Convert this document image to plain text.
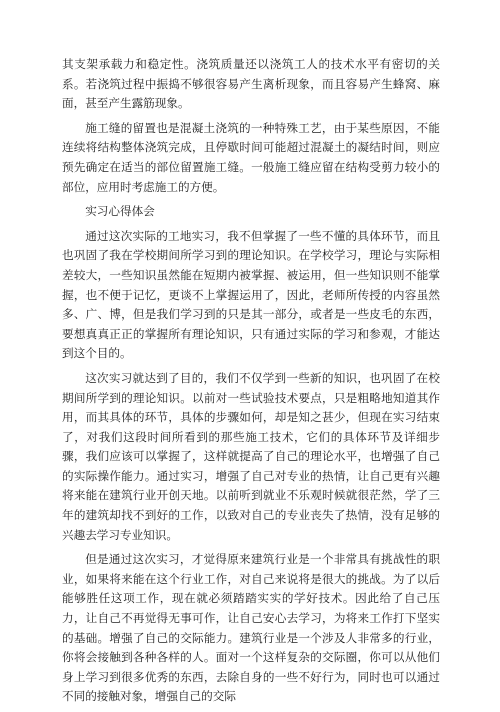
其支架承载力和稳定性。浇筑质量还以浇筑工人的技术水平有密切的关系。若浇筑过程中振捣不够很容易产生离析现象，而且容易产生蜂窝、麻面，甚至产生露筋现象。

施工缝的留置也是混凝土浇筑的一种特殊工艺，由于某些原因，不能连续将结构整体浇筑完成，且停歇时间可能超过混凝土的凝结时间，则应预先确定在适当的部位留置施工缝。一般施工缝应留在结构受剪力较小的部位，应用时考虑施工的方便。

实习心得体会

通过这次实际的工地实习，我不但掌握了一些不懂的具体环节，而且也巩固了我在学校期间所学习到的理论知识。在学校学习，理论与实际相差较大，一些知识虽然能在短期内被掌握、被运用，但一些知识则不能掌握，也不便于记忆，更谈不上掌握运用了，因此，老师所传授的内容虽然多、广、博，但是我们学习到的只是其一部分，或者是一些皮毛的东西，要想真真正正的掌握所有理论知识，只有通过实际的学习和参观，才能达到这个目的。

这次实习就达到了目的，我们不仅学到一些新的知识，也巩固了在校期间所学到的理论知识。以前对一些试验技术要点，只是粗略地知道其作用，而其具体的环节，具体的步骤如何，却是知之甚少，但现在实习结束了，对我们这段时间所看到的那些施工技术，它们的具体环节及详细步骤，我们应该可以掌握了，这样就提高了自己的理论水平，也增强了自己的实际操作能力。通过实习，增强了自己对专业的热情，让自己更有兴趣将来能在建筑行业开创天地。以前听到就业不乐观时候就很茫然，学了三年的建筑却找不到好的工作，以致对自己的专业丧失了热情，没有足够的兴趣去学习专业知识。

但是通过这次实习，才觉得原来建筑行业是一个非常具有挑战性的职业，如果将来能在这个行业工作，对自己来说将是很大的挑战。为了以后能够胜任这项工作，现在就必须踏踏实实的学好技术。因此给了自己压力，让自己不再觉得无事可作，让自己安心去学习，为将来工作打下坚实的基础。增强了自己的交际能力。建筑行业是一个涉及人非常多的行业，你将会接触到各种各样的人。面对一个这样复杂的交际圈，你可以从他们身上学习到很多优秀的东西，去除自身的一些不好行为，同时也可以通过不同的接触对象，增强自己的交际
